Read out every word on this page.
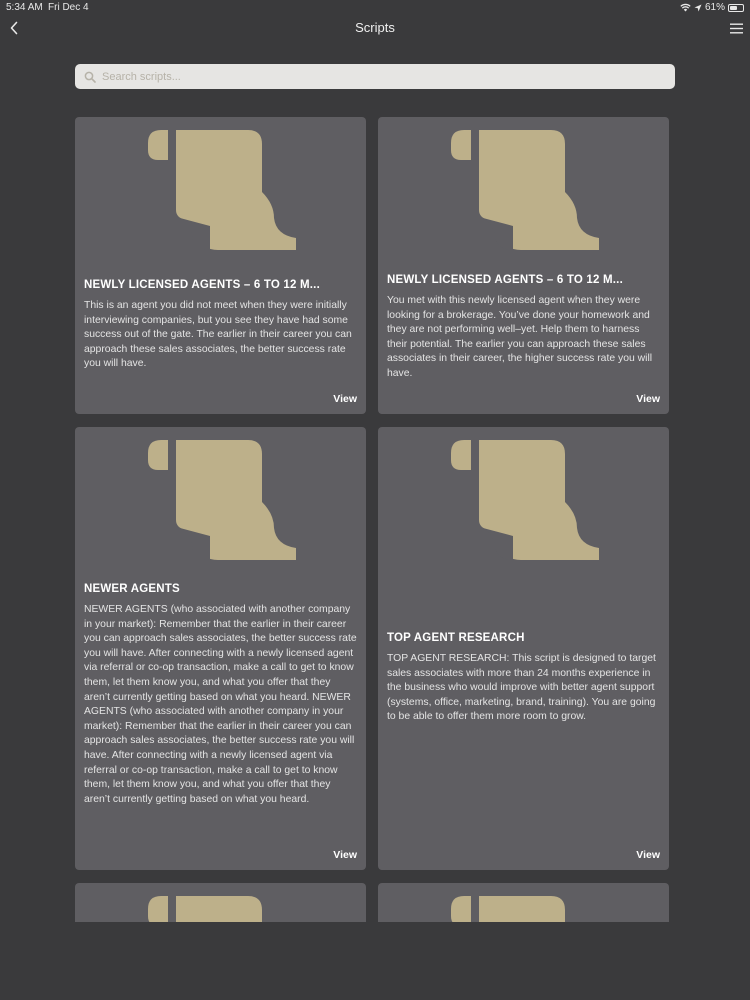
5:34 AM Fri Dec 4	61%
Scripts
Search scripts...
NEWLY LICENSED AGENTS – 6 TO 12 M...
This is an agent you did not meet when they were initially interviewing companies, but you see they have had some success out of the gate. The earlier in their career you can approach these sales associates, the better success rate you will have.
View
NEWLY LICENSED AGENTS – 6 TO 12 M...
You met with this newly licensed agent when they were looking for a brokerage. You’ve done your homework and they are not performing well–yet. Help them to harness their potential. The earlier you can approach these sales associates in their career, the higher success rate you will have.
View
NEWER AGENTS
NEWER AGENTS (who associated with another company in your market): Remember that the earlier in their career you can approach sales associates, the better success rate you will have. After connecting with a newly licensed agent via referral or co-op transaction, make a call to get to know them, let them know you, and what you offer that they aren’t currently getting based on what you heard. NEWER AGENTS (who associated with another company in your market): Remember that the earlier in their career you can approach sales associates, the better success rate you will have. After connecting with a newly licensed agent via referral or co-op transaction, make a call to get to know them, let them know you, and what you offer that they aren’t currently getting based on what you heard.
View
TOP AGENT RESEARCH
TOP AGENT RESEARCH: This script is designed to target sales associates with more than 24 months experience in the business who would improve with better agent support (systems, office, marketing, brand, training). You are going to be able to offer them more room to grow.
View
